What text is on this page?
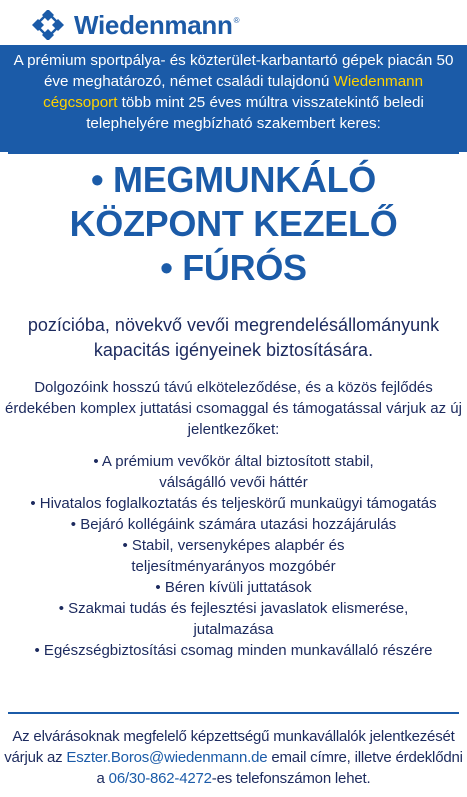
Wiedenmann ®
A prémium sportpálya- és közterület-karbantartó gépek piacán 50 éve meghatározó, német családi tulajdonú Wiedenmann cégcsoport több mint 25 éves múltra visszatekintő beledi telephelyére megbízható szakembert keres:
• MEGMUNKÁLÓ
KÖZPONT KEZELŐ
• FÚRÓS
pozícióba, növekvő vevői megrendelésállományunk kapacitás igényeinek biztosítására.
Dolgozóink hosszú távú elköteleződése, és a közös fejlődés érdekében komplex juttatási csomaggal és támogatással várjuk az új jelentkezőket:
• A prémium vevőkör által biztosított stabil, válságálló vevői háttér
• Hivatalos foglalkoztatás és teljeskörű munkaügyi támogatás
• Bejáró kollégáink számára utazási hozzájárulás
• Stabil, versenyképes alapbér és teljesítményarányos mozgóbér
• Béren kívüli juttatások
• Szakmai tudás és fejlesztési javaslatok elismerése, jutalmazása
• Egészségbiztosítási csomag minden munkavállaló részére
Az elvárásoknak megfelelő képzettségű munkavállalók jelentkezését várjuk az Eszter.Boros@wiedenmann.de email címre, illetve érdeklődni a 06/30-862-4272-es telefonszámon lehet.
